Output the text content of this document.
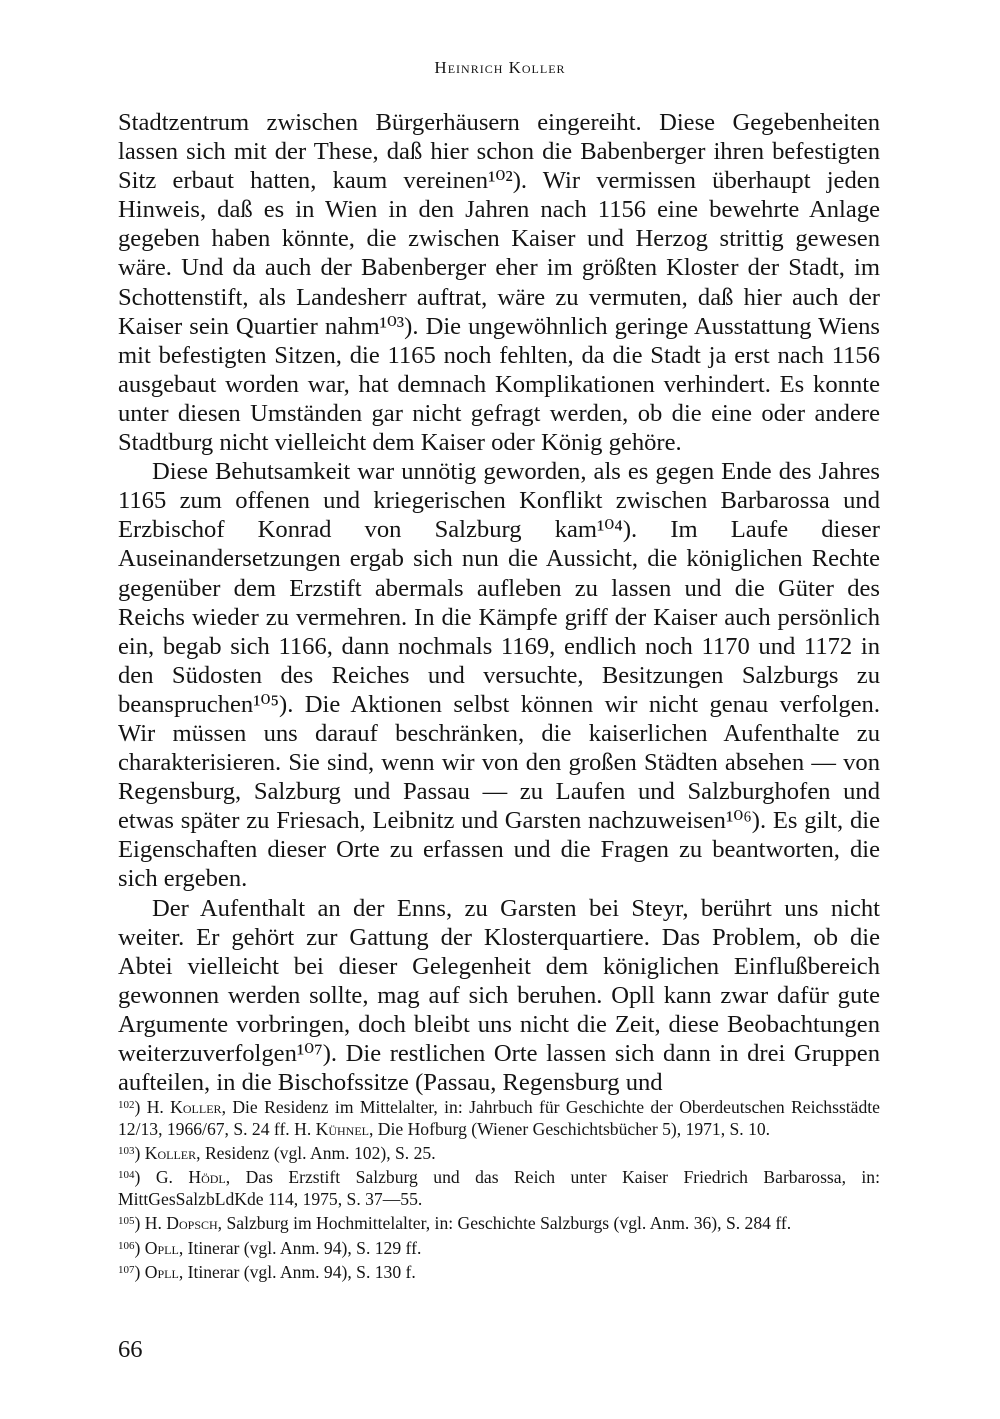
Heinrich Koller

Stadtzentrum zwischen Bürgerhäusern eingereiht. Diese Gegebenheiten lassen sich mit der These, daß hier schon die Babenberger ihren befestigten Sitz erbaut hatten, kaum vereinen¹⁰²). Wir vermissen überhaupt jeden Hinweis, daß es in Wien in den Jahren nach 1156 eine bewehrte Anlage gegeben haben könnte, die zwischen Kaiser und Herzog strittig gewesen wäre. Und da auch der Babenberger eher im größten Kloster der Stadt, im Schottenstift, als Landesherr auftrat, wäre zu vermuten, daß hier auch der Kaiser sein Quartier nahm¹⁰³). Die ungewöhnlich geringe Ausstattung Wiens mit befestigten Sitzen, die 1165 noch fehlten, da die Stadt ja erst nach 1156 ausgebaut worden war, hat demnach Komplikationen verhindert. Es konnte unter diesen Umständen gar nicht gefragt werden, ob die eine oder andere Stadtburg nicht vielleicht dem Kaiser oder König gehöre.

Diese Behutsamkeit war unnötig geworden, als es gegen Ende des Jahres 1165 zum offenen und kriegerischen Konflikt zwischen Barbarossa und Erzbischof Konrad von Salzburg kam¹⁰⁴). Im Laufe dieser Auseinandersetzungen ergab sich nun die Aussicht, die königlichen Rechte gegenüber dem Erzstift abermals aufleben zu lassen und die Güter des Reichs wieder zu vermehren. In die Kämpfe griff der Kaiser auch persönlich ein, begab sich 1166, dann nochmals 1169, endlich noch 1170 und 1172 in den Südosten des Reiches und versuchte, Besitzungen Salzburgs zu beanspruchen¹⁰⁵). Die Aktionen selbst können wir nicht genau verfolgen. Wir müssen uns darauf beschränken, die kaiserlichen Aufenthalte zu charakterisieren. Sie sind, wenn wir von den großen Städten absehen — von Regensburg, Salzburg und Passau — zu Laufen und Salzburghofen und etwas später zu Friesach, Leibnitz und Garsten nachzuweisen¹⁰⁶). Es gilt, die Eigenschaften dieser Orte zu erfassen und die Fragen zu beantworten, die sich ergeben.

Der Aufenthalt an der Enns, zu Garsten bei Steyr, berührt uns nicht weiter. Er gehört zur Gattung der Klosterquartiere. Das Problem, ob die Abtei vielleicht bei dieser Gelegenheit dem königlichen Einflußbereich gewonnen werden sollte, mag auf sich beruhen. Opll kann zwar dafür gute Argumente vorbringen, doch bleibt uns nicht die Zeit, diese Beobachtungen weiterzuverfolgen¹⁰⁷). Die restlichen Orte lassen sich dann in drei Gruppen aufteilen, in die Bischofssitze (Passau, Regensburg und

$^{102}$) H. Koller, Die Residenz im Mittelalter, in: Jahrbuch für Geschichte der Oberdeutschen Reichsstädte 12/13, 1966/67, S. 24 ff. H. Kühnel, Die Hofburg (Wiener Geschichtsbücher 5), 1971, S. 10.

$^{103}$) Koller, Residenz (vgl. Anm. 102), S. 25.

$^{104}$) G. Hödl, Das Erzstift Salzburg und das Reich unter Kaiser Friedrich Barbarossa, in: MittGesSalzbLdKde 114, 1975, S. 37—55.

$^{105}$) H. Dopsch, Salzburg im Hochmittelalter, in: Geschichte Salzburgs (vgl. Anm. 36), S. 284 ff.

$^{106}$) Opll, Itinerar (vgl. Anm. 94), S. 129 ff.

$^{107}$) Opll, Itinerar (vgl. Anm. 94), S. 130 f.

66
